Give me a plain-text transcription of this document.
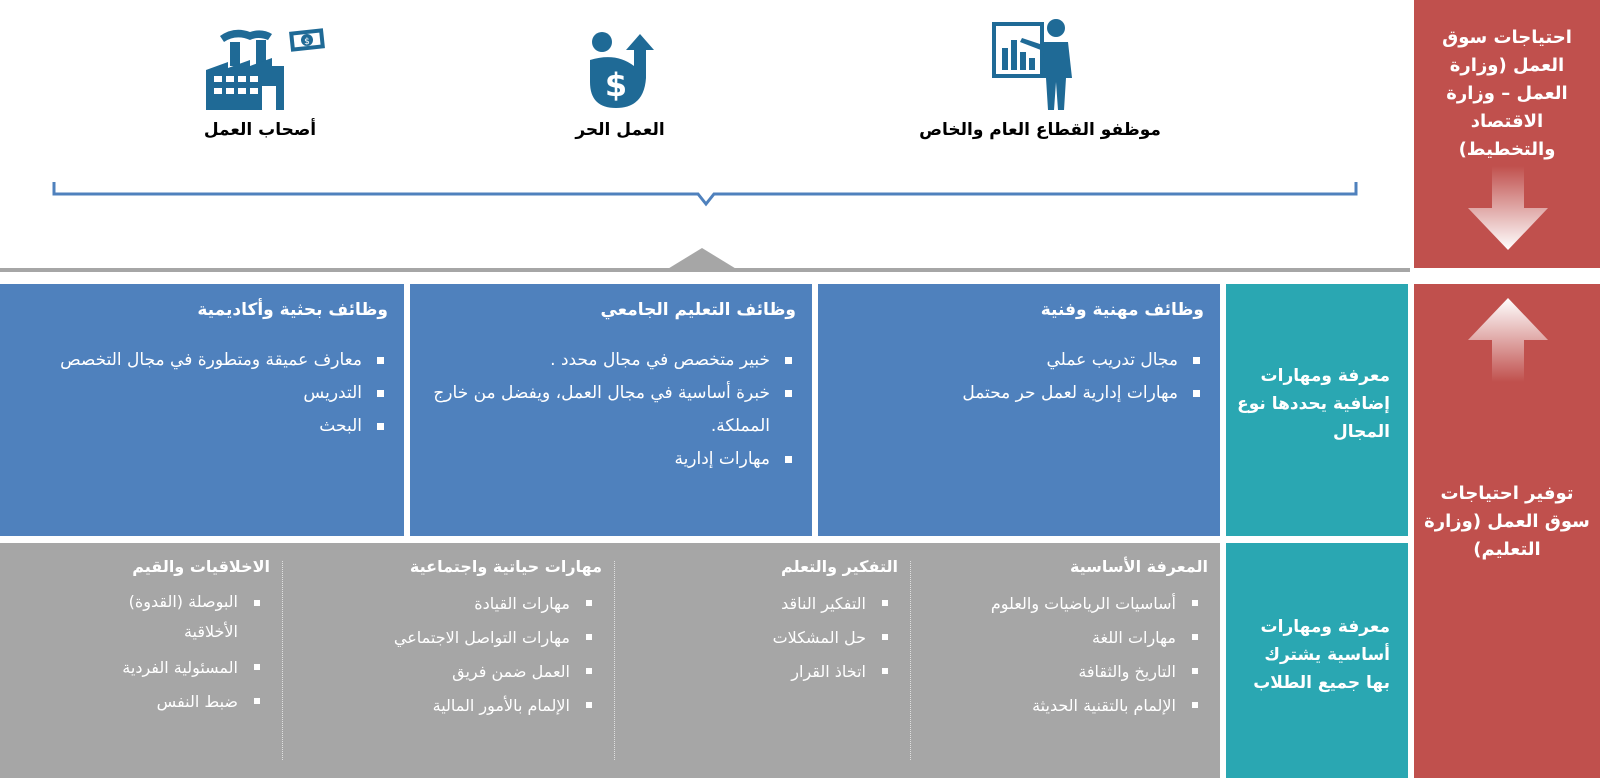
موظفو القطاع العام والخاص
$
العمل الحر
$
أصحاب العمل
احتياجات سوق العمل (وزارة العمل – وزارة الاقتصاد والتخطيط)
توفير احتياجات سوق العمل (وزارة التعليم)
معرفة ومهارات إضافية يحددها نوع المجال
معرفة ومهارات أساسية يشترك بها جميع الطلاب
وظائف مهنية وفنية
مجال تدريب عملي
مهارات إدارية لعمل حر محتمل
وظائف التعليم الجامعي
خبير متخصص في مجال محدد .
خبرة أساسية في مجال العمل، ويفضل من خارج المملكة.
مهارات إدارية
وظائف بحثية وأكاديمية
معارف عميقة ومتطورة في مجال التخصص
التدريس
البحث
المعرفة الأساسية
أساسيات الرياضيات والعلوم
مهارات اللغة
التاريخ والثقافة
الإلمام بالتقنية الحديثة
التفكير والتعلم
التفكير الناقد
حل المشكلات
اتخاذ القرار
مهارات حياتية واجتماعية
مهارات القيادة
مهارات التواصل الاجتماعي
العمل ضمن فريق
الإلمام بالأمور المالية
الاخلاقيات والقيم
البوصلة (القدوة) الأخلاقية
المسئولية الفردية
ضبط النفس
